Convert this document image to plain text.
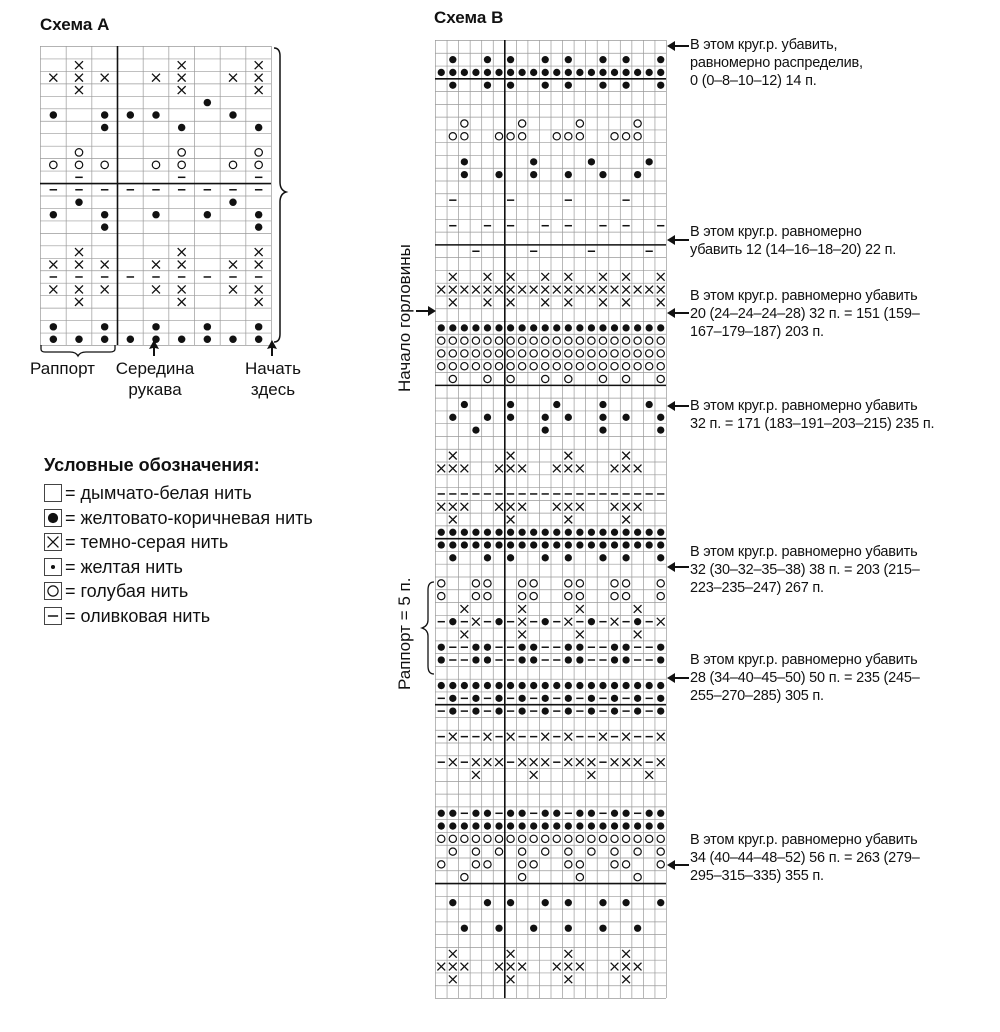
Схема А
Раппорт	Середина
рукава
Начать
здесь
Условные обозначения:
= дымчато-белая нить
= желтовато-коричневая нить
= темно-серая нить
= желтая нить
= голубая нить
= оливковая нить
Схема В
Начало горловины
Раппорт = 5 п.
В этом круг.р. убавить,
равномерно распределив,
0 (0–8–10–12) 14 п.
В этом круг.р. равномерно
убавить 12 (14–16–18–20) 22 п.
В этом круг.р. равномерно убавить
20 (24–24–24–28) 32 п. = 151 (159–
167–179–187) 203 п.
В этом круг.р. равномерно убавить
32 п. = 171 (183–191–203–215) 235 п.
В этом круг.р. равномерно убавить
32 (30–32–35–38) 38 п. = 203 (215–
223–235–247) 267 п.
В этом круг.р. равномерно убавить
28 (34–40–45–50) 50 п. = 235 (245–
255–270–285) 305 п.
В этом круг.р. равномерно убавить
34 (40–44–48–52) 56 п. = 263 (279–
295–315–335) 355 п.
